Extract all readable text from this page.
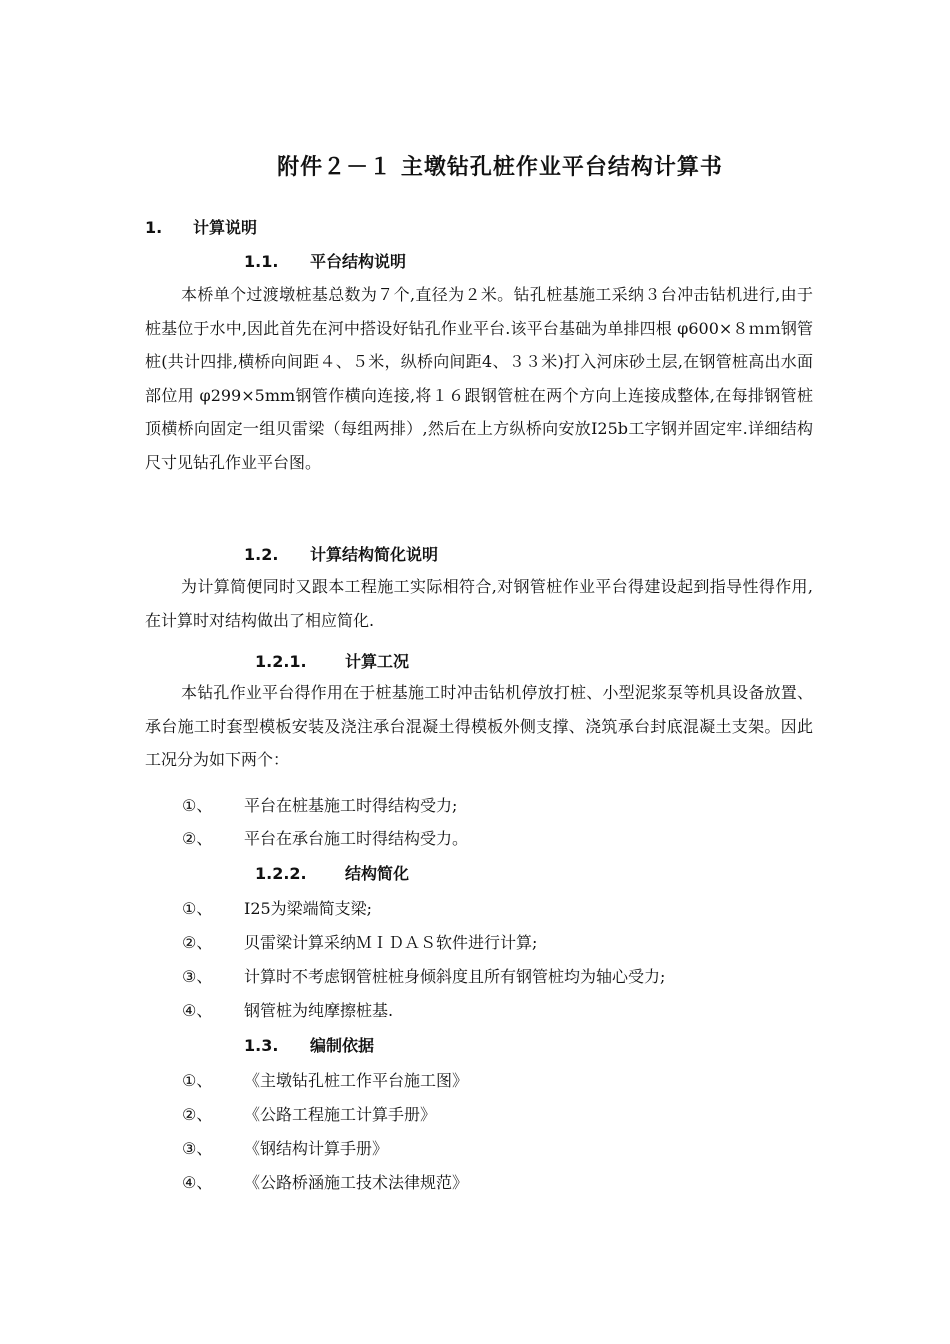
附件２－１ 主墩钻孔桩作业平台结构计算书
1. 计算说明
1.1. 平台结构说明
本桥单个过渡墩桩基总数为７个,直径为２米。钻孔桩基施工采纳３台冲击钻机进行,由于桩基位于水中,因此首先在河中搭设好钻孔作业平台.该平台基础为单排四根 φ600×８ｍｍ钢管桩(共计四排,横桥向间距４、５米，纵桥向间距4、３３米)打入河床砂土层,在钢管桩高出水面部位用 φ299×5mm钢管作横向连接,将１６跟钢管桩在两个方向上连接成整体,在每排钢管桩顶横桥向固定一组贝雷梁（每组两排）,然后在上方纵桥向安放I25b工字钢并固定牢.详细结构尺寸见钻孔作业平台图。
1.2. 计算结构简化说明
为计算简便同时又跟本工程施工实际相符合,对钢管桩作业平台得建设起到指导性得作用,在计算时对结构做出了相应简化.
1.2.1. 计算工况
本钻孔作业平台得作用在于桩基施工时冲击钻机停放打桩、小型泥浆泵等机具设备放置、承台施工时套型模板安装及浇注承台混凝土得模板外侧支撑、浇筑承台封底混凝土支架。因此工况分为如下两个：
①、 平台在桩基施工时得结构受力;
②、 平台在承台施工时得结构受力。
1.2.2. 结构简化
①、 I25为梁端简支梁;
②、 贝雷梁计算采纳ＭＩＤＡＳ软件进行计算;
③、 计算时不考虑钢管桩桩身倾斜度且所有钢管桩均为轴心受力;
④、 钢管桩为纯摩擦桩基.
1.3. 编制依据
①、 《主墩钻孔桩工作平台施工图》
②、 《公路工程施工计算手册》
③、 《钢结构计算手册》
④、 《公路桥涵施工技术法律规范》
